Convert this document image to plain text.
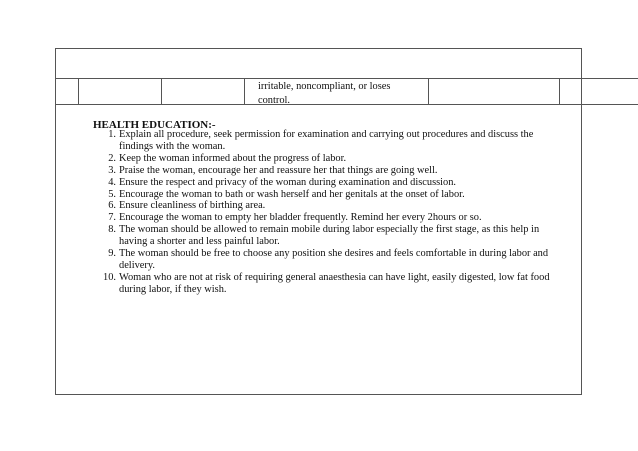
irritable, noncompliant, or loses
control.
HEALTH EDUCATION:-
1. Explain all procedure, seek permission for examination and carrying out procedures and discuss the findings with the woman.
2. Keep the woman informed about the progress of labor.
3. Praise the woman, encourage her and reassure her that things are going well.
4. Ensure the respect and privacy of the woman during examination and discussion.
5. Encourage the woman to bath or wash herself and her genitals at the onset of labor.
6. Ensure cleanliness of birthing area.
7. Encourage the woman to empty her bladder frequently. Remind her every 2hours or so.
8. The woman should be allowed to remain mobile during labor especially the first stage, as this help in having a shorter and less painful labor.
9. The woman should be free to choose any position she desires and feels comfortable in during labor and delivery.
10. Woman who are not at risk of requiring general anaesthesia can have light, easily digested, low fat food during labor, if they wish.
